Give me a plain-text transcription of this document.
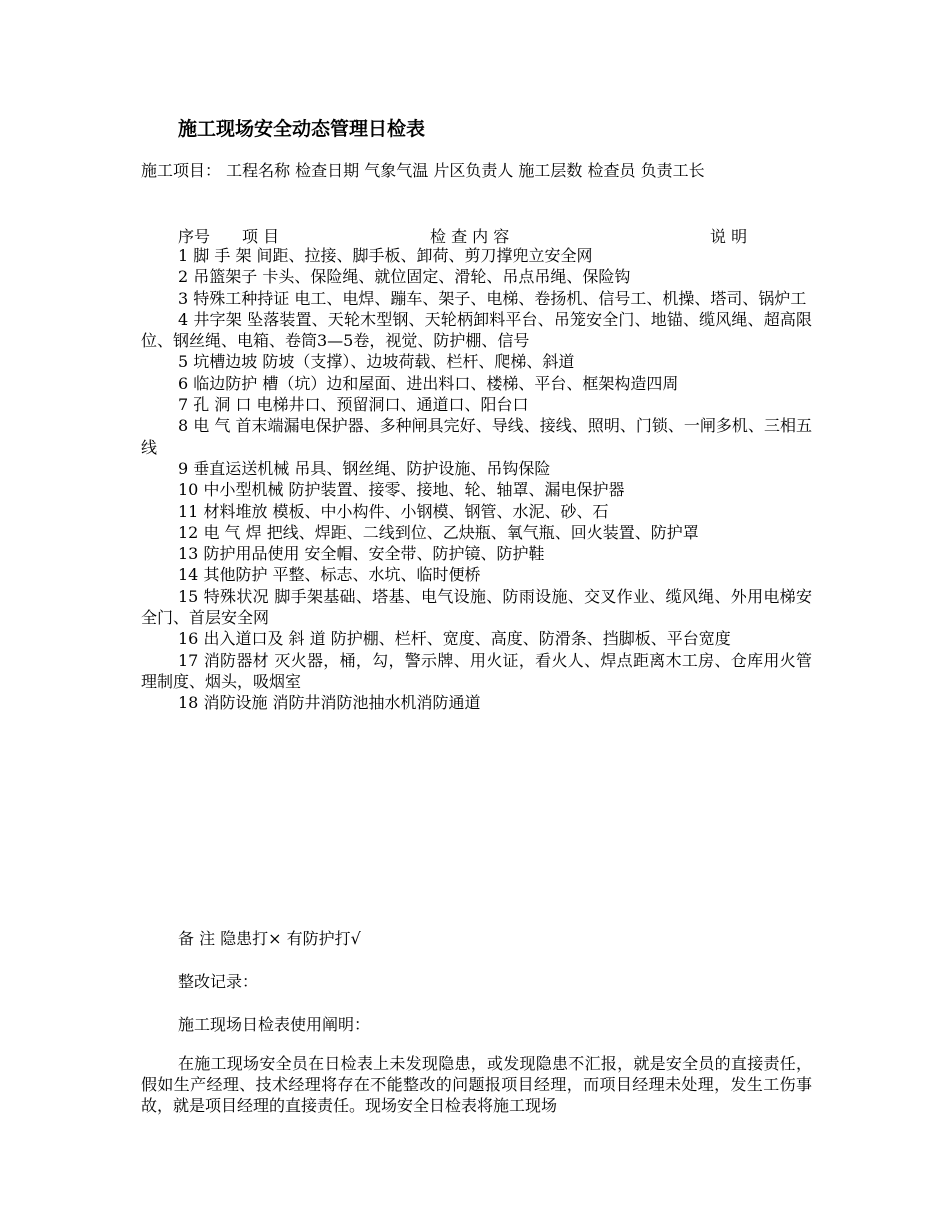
施工现场安全动态管理日检表
施工项目： 工程名称 检查日期 气象气温 片区负责人 施工层数 检查员 负责工长
序号 项 目	检 查 内 容	说 明
1 脚 手 架 间距、拉接、脚手板、卸荷、剪刀撑兜立安全网
2 吊篮架子 卡头、保险绳、就位固定、滑轮、吊点吊绳、保险钩
3 特殊工种持证 电工、电焊、蹦车、架子、电梯、卷扬机、信号工、机操、塔司、锅炉工
4 井字架 坠落装置、天轮木型钢、天轮柄卸料平台、吊笼安全门、地锚、缆风绳、超高限位、钢丝绳、电箱、卷筒3—5卷，视觉、防护棚、信号
5 坑槽边坡 防坡（支撑）、边坡荷载、栏杆、爬梯、斜道
6 临边防护 槽（坑）边和屋面、进出料口、楼梯、平台、框架构造四周
7 孔 洞 口 电梯井口、预留洞口、通道口、阳台口
8 电 气 首末端漏电保护器、多种闸具完好、导线、接线、照明、门锁、一闸多机、三相五线
9 垂直运送机械 吊具、钢丝绳、防护设施、吊钩保险
10 中小型机械 防护装置、接零、接地、轮、轴罩、漏电保护器
11 材料堆放 模板、中小构件、小钢模、钢管、水泥、砂、石
12 电 气 焊 把线、焊距、二线到位、乙炔瓶、氧气瓶、回火装置、防护罩
13 防护用品使用 安全帽、安全带、防护镜、防护鞋
14 其他防护 平整、标志、水坑、临时便桥
15 特殊状况 脚手架基础、塔基、电气设施、防雨设施、交叉作业、缆风绳、外用电梯安全门、首层安全网
16 出入道口及 斜 道 防护棚、栏杆、宽度、高度、防滑条、挡脚板、平台宽度
17 消防器材 灭火器，桶，勾，警示牌、用火证，看火人、焊点距离木工房、仓库用火管理制度、烟头，吸烟室
18 消防设施 消防井消防池抽水机消防通道
备 注 隐患打× 有防护打√
整改记录：
施工现场日检表使用阐明：
在施工现场安全员在日检表上未发现隐患，或发现隐患不汇报，就是安全员的直接责任，假如生产经理、技术经理将存在不能整改的问题报项目经理，而项目经理未处理，发生工伤事故，就是项目经理的直接责任。现场安全日检表将施工现场
